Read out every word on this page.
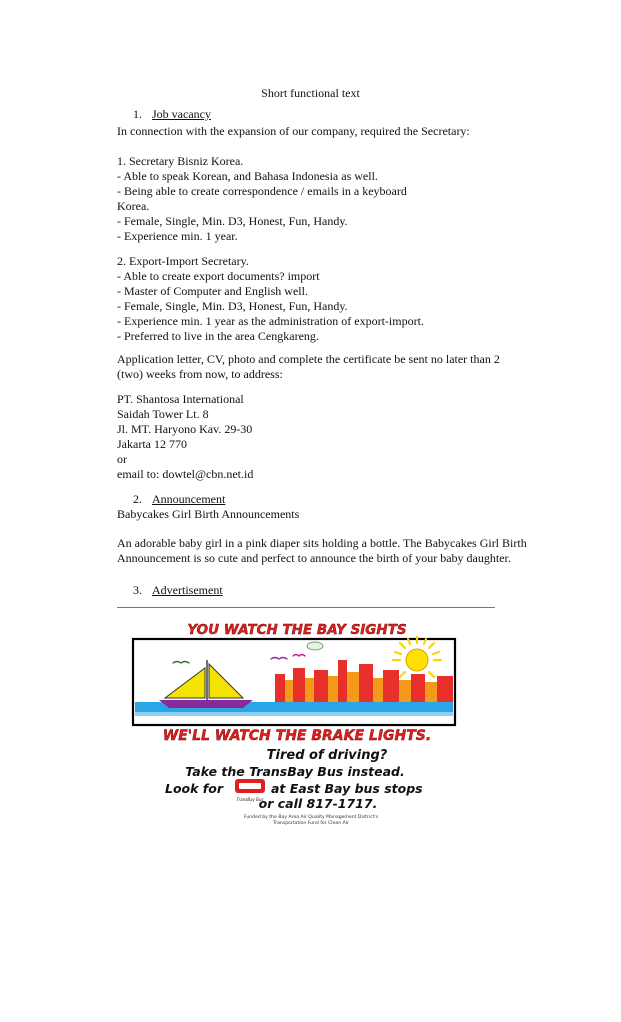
Short functional text
1. Job vacancy
In connection with the expansion of our company, required the Secretary:
1. Secretary Bisniz Korea.
- Able to speak Korean, and Bahasa Indonesia as well.
- Being able to create correspondence / emails in a keyboard
Korea.
- Female, Single, Min. D3, Honest, Fun, Handy.
- Experience min. 1 year.
2. Export-Import Secretary.
- Able to create export documents? import
- Master of Computer and English well.
- Female, Single, Min. D3, Honest, Fun, Handy.
- Experience min. 1 year as the administration of export-import.
- Preferred to live in the area Cengkareng.
Application letter, CV, photo and complete the certificate be sent no later than 2
(two) weeks from now, to address:
PT. Shantosa International
Saidah Tower Lt. 8
Jl. MT. Haryono Kav. 29-30
Jakarta 12 770
or
email to: dowtel@cbn.net.id
2. Announcement
Babycakes Girl Birth Announcements
An adorable baby girl in a pink diaper sits holding a bottle. The Babycakes Girl Birth
Announcement is so cute and perfect to announce the birth of your baby daughter.
3. Advertisement
YOU WATCH THE BAY SIGHTS
WE'LL WATCH THE BRAKE LIGHTS.
Tired of driving?
Take the TransBay Bus instead.
Look for
TransBay Bus
at East Bay bus stops
or call 817-1717.
Funded by the Bay Area Air Quality Management District's
Transportation Fund for Clean Air
